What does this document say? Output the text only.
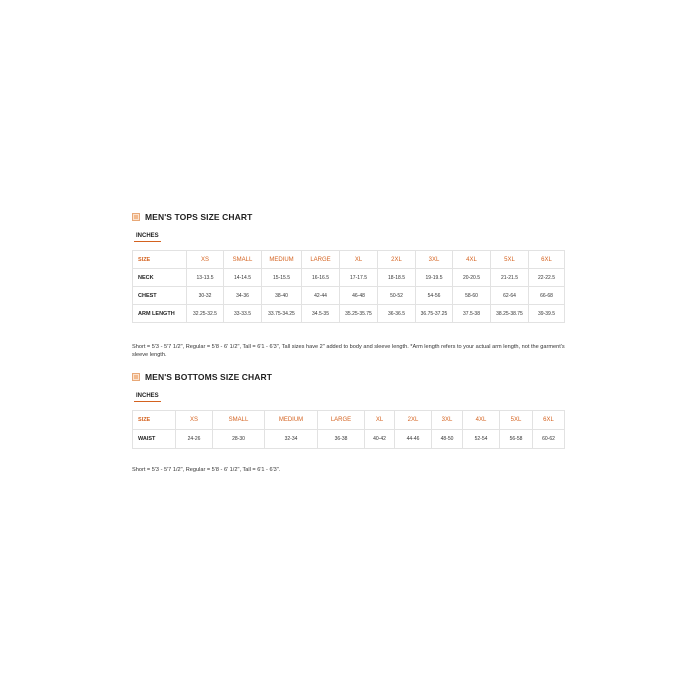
MEN'S TOPS SIZE CHART
INCHES
SIZE	XS	SMALL	MEDIUM	LARGE	XL	2XL	3XL	4XL	5XL	6XL
NECK	13-13.5	14-14.5	15-15.5	16-16.5	17-17.5	18-18.5	19-19.5	20-20.5	21-21.5	22-22.5
CHEST	30-32	34-36	38-40	42-44	46-48	50-52	54-56	58-60	62-64	66-68
ARM LENGTH	32.25-32.5	33-33.5	33.75-34.25	34.5-35	35.25-35.75	36-36.5	36.75-37.25	37.5-38	38.25-38.75	39-39.5
Short = 5'3 - 5'7 1/2", Regular = 5'8 - 6' 1/2", Tall = 6'1 - 6'3", Tall sizes have 2" added to body and sleeve length. *Arm length refers to your actual arm length, not the garment's sleeve length.
MEN'S BOTTOMS SIZE CHART
INCHES
SIZE	XS	SMALL	MEDIUM	LARGE	XL	2XL	3XL	4XL	5XL	6XL
WAIST	24-26	28-30	32-34	36-38	40-42	44-46	48-50	52-54	56-58	60-62
Short = 5'3 - 5'7 1/2", Regular = 5'8 - 6' 1/2", Tall = 6'1 - 6'3".
